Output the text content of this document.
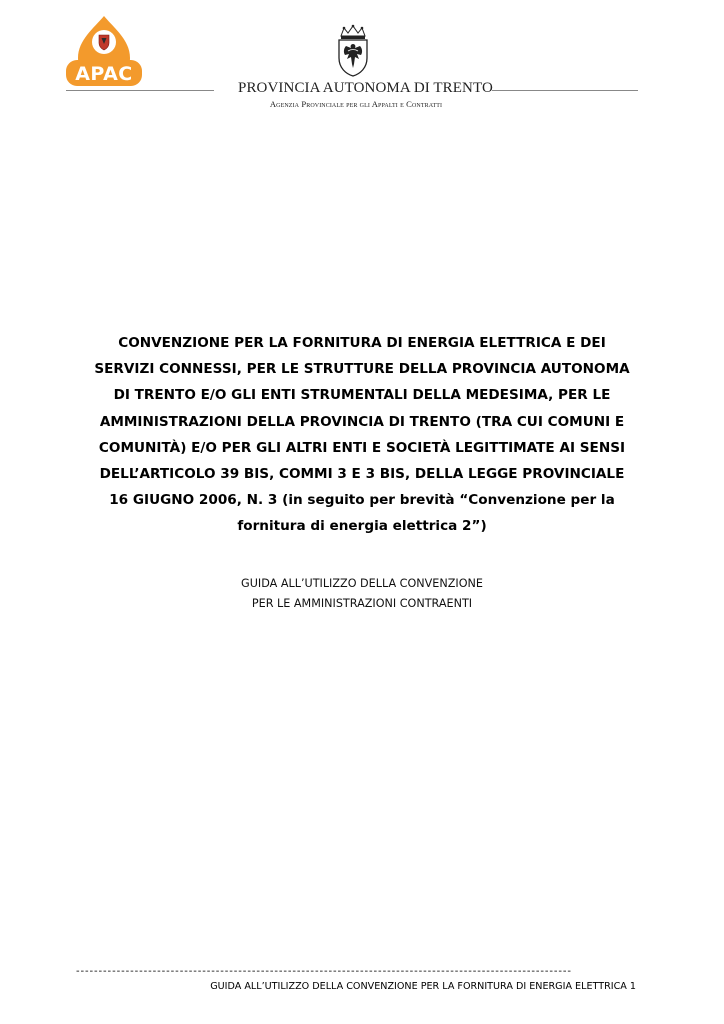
APAC
PROVINCIA AUTONOMA DI TRENTO
Agenzia Provinciale per gli Appalti e Contratti
CONVENZIONE PER LA FORNITURA DI ENERGIA ELETTRICA E DEI
SERVIZI CONNESSI, PER LE STRUTTURE DELLA PROVINCIA AUTONOMA
DI TRENTO E/O GLI ENTI STRUMENTALI DELLA MEDESIMA, PER LE
AMMINISTRAZIONI DELLA PROVINCIA DI TRENTO (TRA CUI COMUNI E
COMUNITÀ) E/O PER GLI ALTRI ENTI E SOCIETÀ LEGITTIMATE AI SENSI
DELL’ARTICOLO 39 BIS, COMMI 3 E 3 BIS, DELLA LEGGE PROVINCIALE
16 GIUGNO 2006, N. 3 (in seguito per brevità “Convenzione per la
fornitura di energia elettrica 2”)
GUIDA ALL’UTILIZZO DELLA CONVENZIONE
PER LE AMMINISTRAZIONI CONTRAENTI
--------------------------------------------------------------------------------------------------------------
GUIDA ALL’UTILIZZO DELLA CONVENZIONE PER LA FORNITURA DI ENERGIA ELETTRICA 1
